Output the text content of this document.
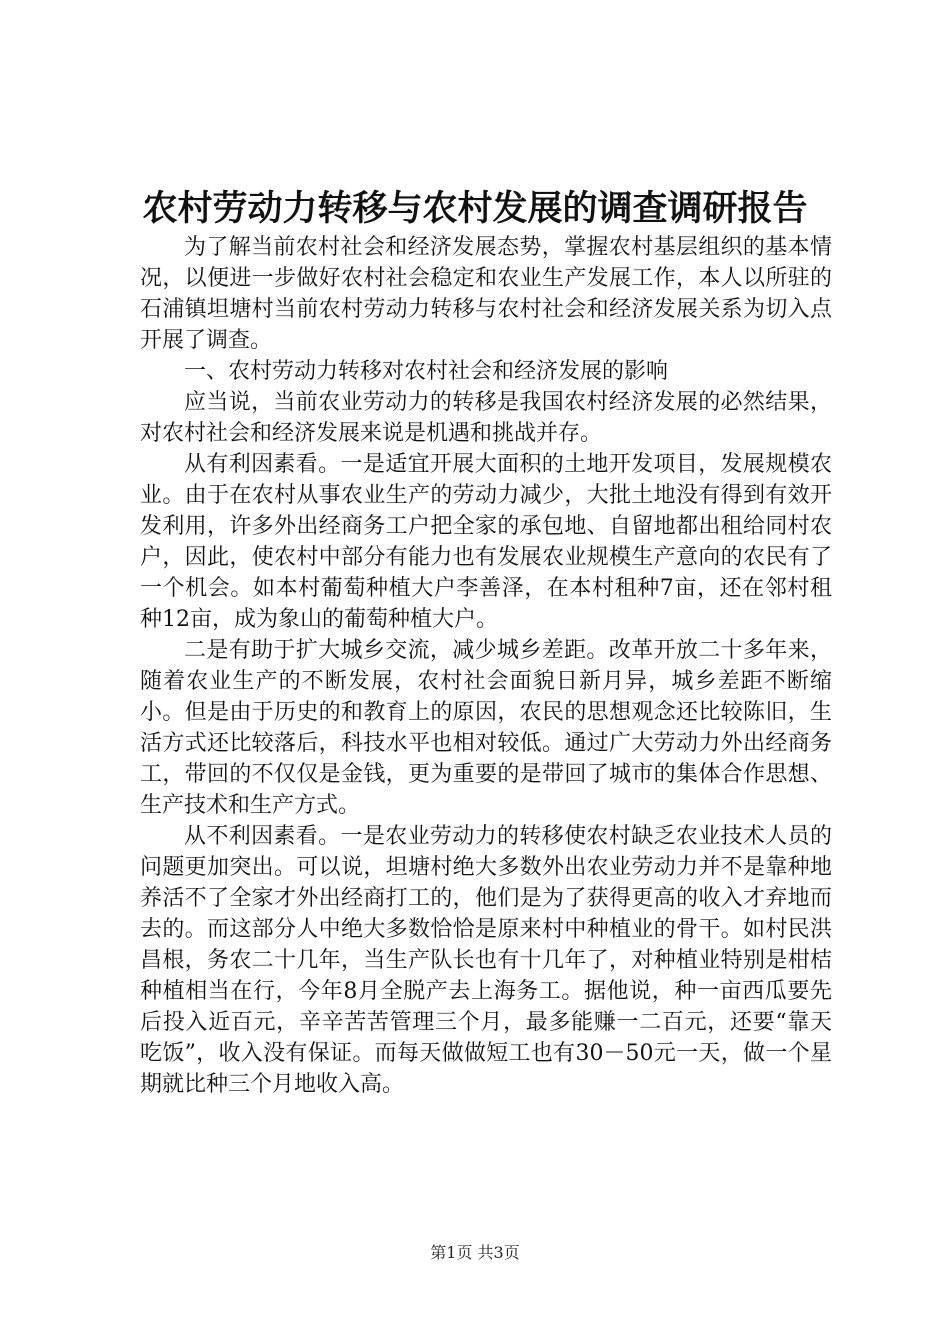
农村劳动力转移与农村发展的调查调研报告

为了解当前农村社会和经济发展态势，掌握农村基层组织的基本情况，以便进一步做好农村社会稳定和农业生产发展工作，本人以所驻的石浦镇坦塘村当前农村劳动力转移与农村社会和经济发展关系为切入点开展了调查。

一、农村劳动力转移对农村社会和经济发展的影响

应当说，当前农业劳动力的转移是我国农村经济发展的必然结果，对农村社会和经济发展来说是机遇和挑战并存。

从有利因素看。一是适宜开展大面积的土地开发项目，发展规模农业。由于在农村从事农业生产的劳动力减少，大批土地没有得到有效开发利用，许多外出经商务工户把全家的承包地、自留地都出租给同村农户，因此，使农村中部分有能力也有发展农业规模生产意向的农民有了一个机会。如本村葡萄种植大户李善泽，在本村租种7亩，还在邻村租种12亩，成为象山的葡萄种植大户。

二是有助于扩大城乡交流，减少城乡差距。改革开放二十多年来，随着农业生产的不断发展，农村社会面貌日新月异，城乡差距不断缩小。但是由于历史的和教育上的原因，农民的思想观念还比较陈旧，生活方式还比较落后，科技水平也相对较低。通过广大劳动力外出经商务工，带回的不仅仅是金钱，更为重要的是带回了城市的集体合作思想、生产技术和生产方式。

从不利因素看。一是农业劳动力的转移使农村缺乏农业技术人员的问题更加突出。可以说，坦塘村绝大多数外出农业劳动力并不是靠种地养活不了全家才外出经商打工的，他们是为了获得更高的收入才弃地而去的。而这部分人中绝大多数恰恰是原来村中种植业的骨干。如村民洪昌根，务农二十几年，当生产队长也有十几年了，对种植业特别是柑桔种植相当在行，今年8月全脱产去上海务工。据他说，种一亩西瓜要先后投入近百元，辛辛苦苦管理三个月，最多能赚一二百元，还要“靠天吃饭”，收入没有保证。而每天做做短工也有30－50元一天，做一个星期就比种三个月地收入高。

第1页 共3页
